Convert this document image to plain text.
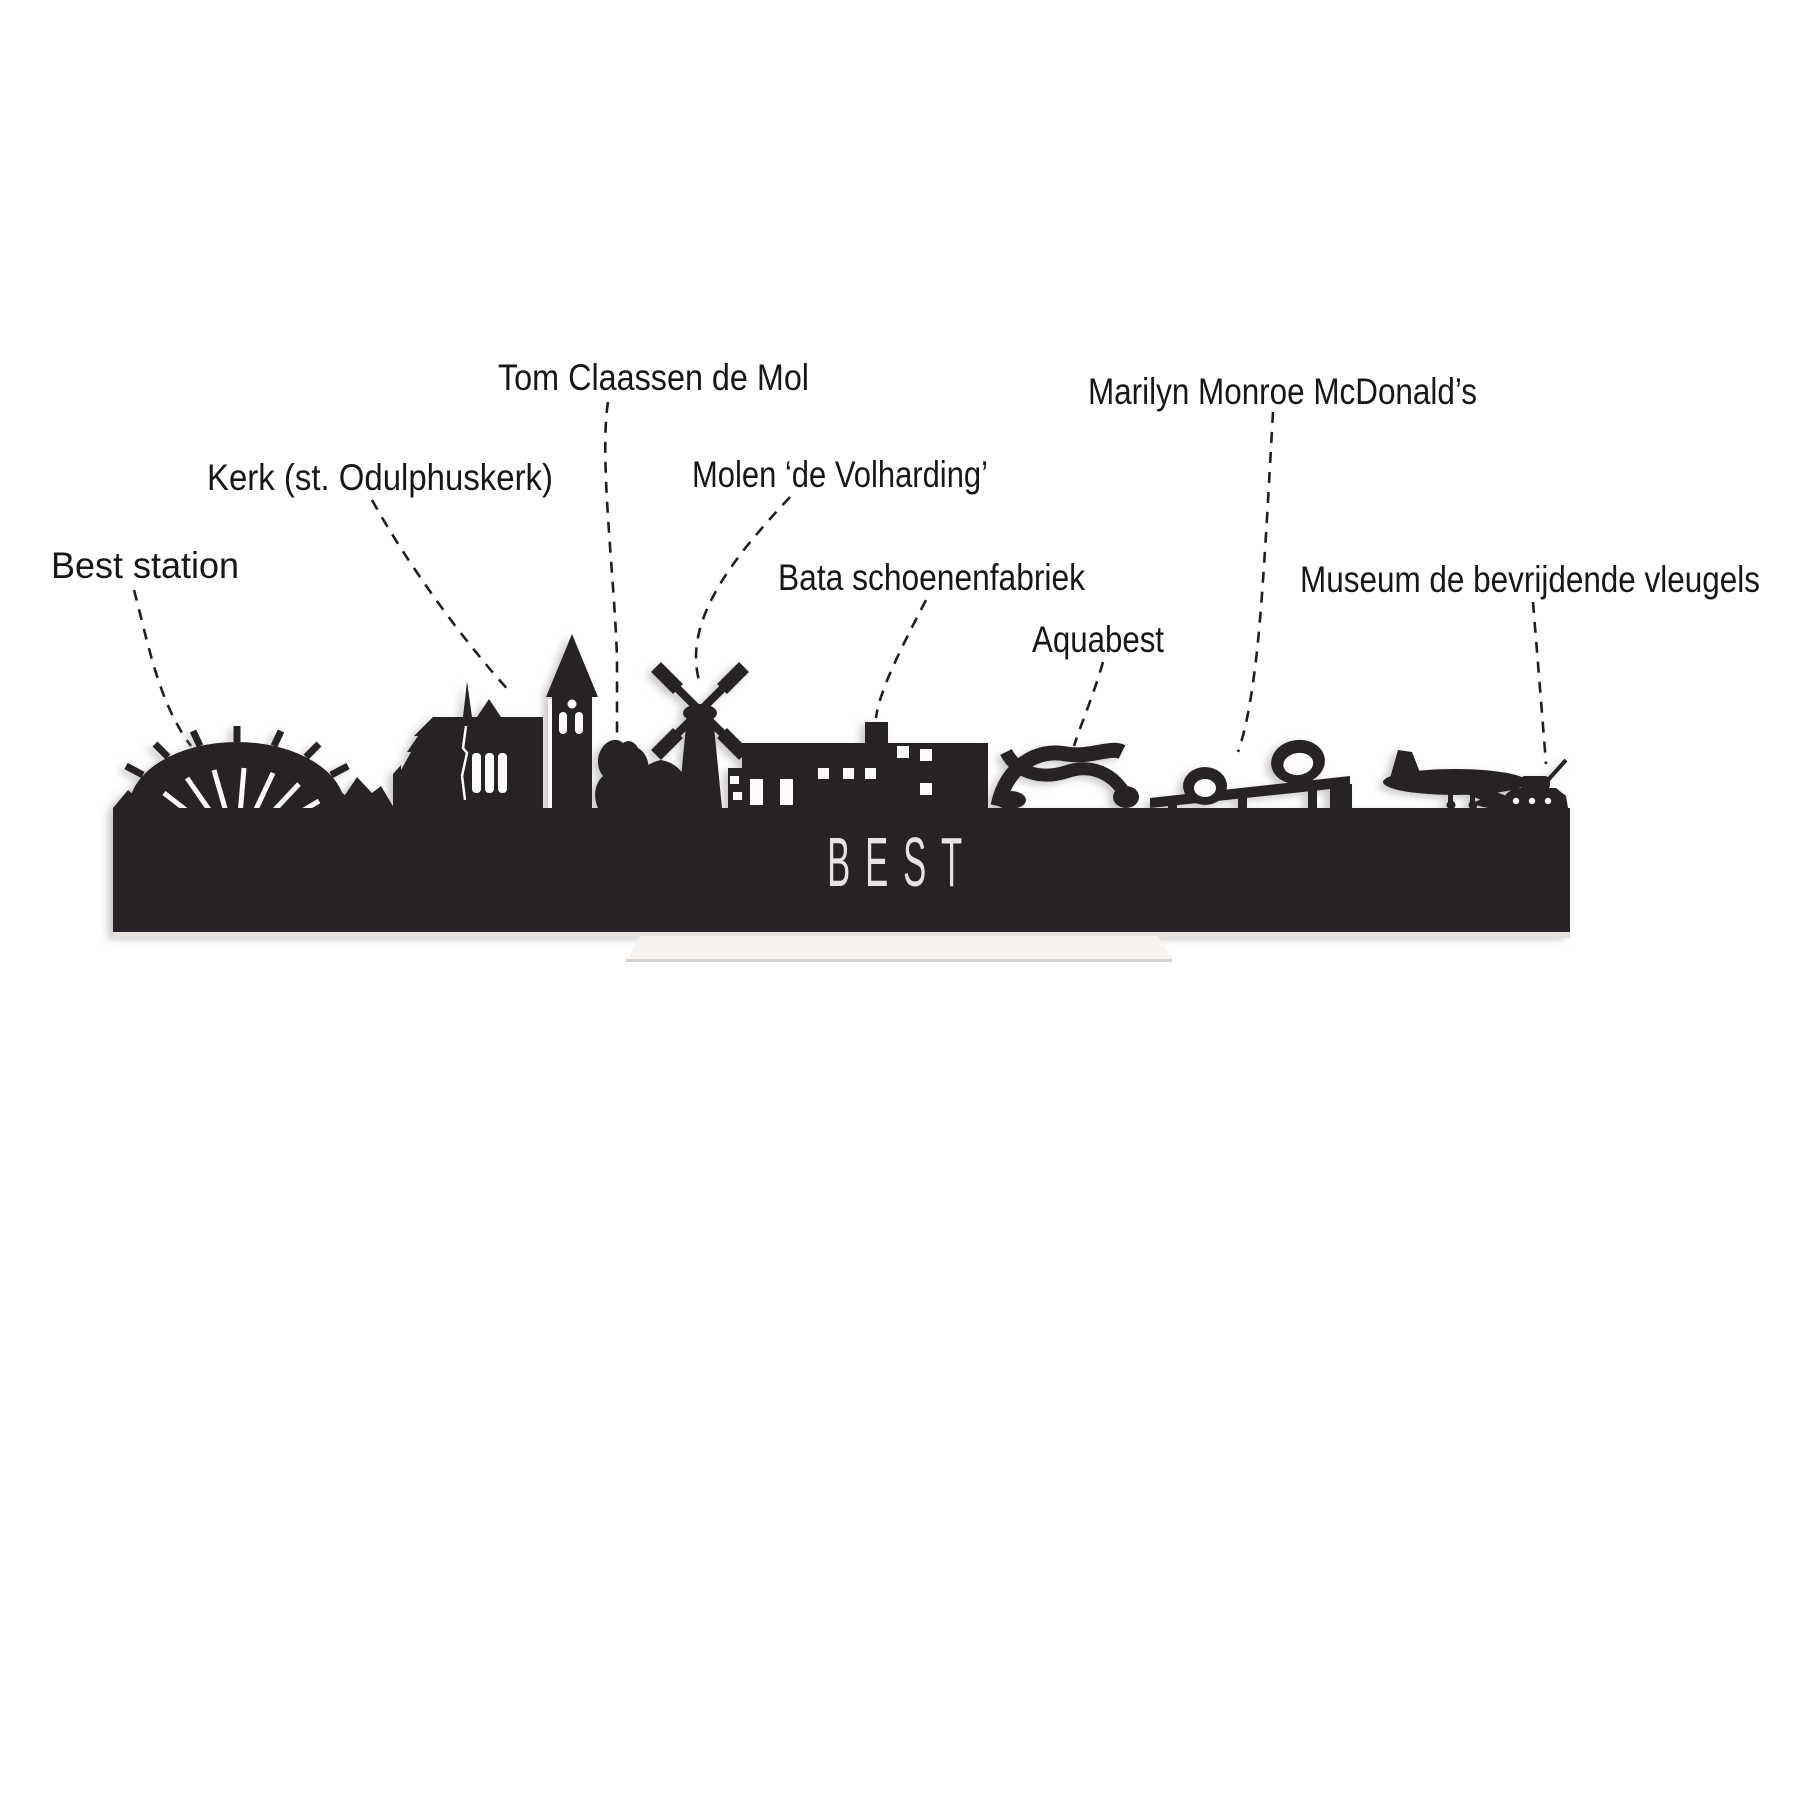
Best station
Kerk (st. Odulphuskerk)
Tom Claassen de Mol
Molen ‘de Volharding’
Bata schoenenfabriek
Aquabest
Marilyn Monroe McDonald’s
Museum de bevrijdende vleugels
BEST
